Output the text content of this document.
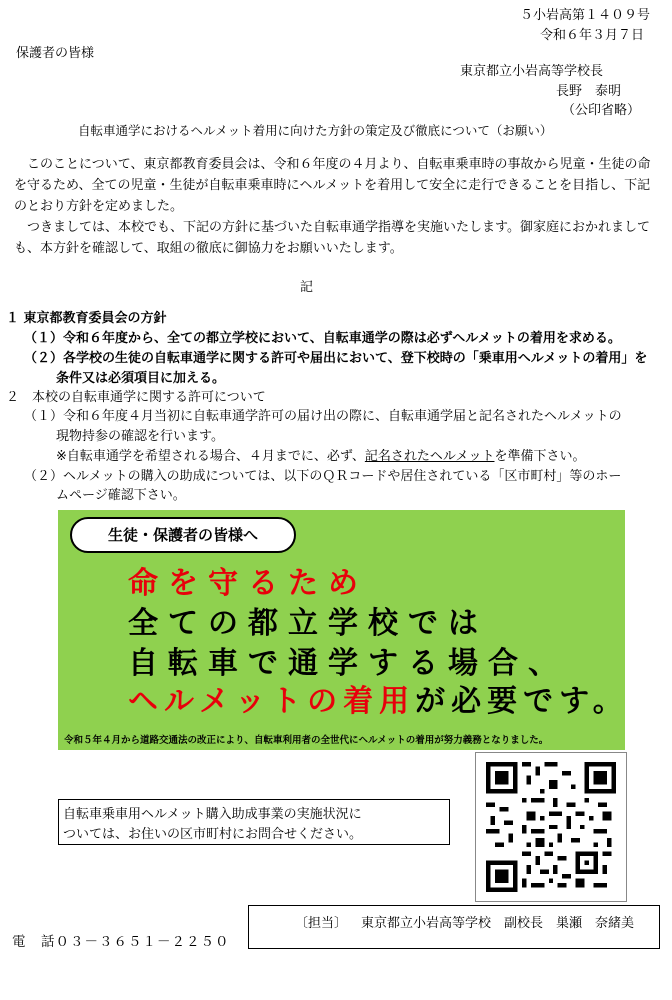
５小岩高第１４０９号
令和６年３月７日
保護者の皆様
東京都立小岩高等学校長
長野　泰明
（公印省略）
自転車通学におけるヘルメット着用に向けた方針の策定及び徹底について（お願い）
このことについて、東京都教育委員会は、令和６年度の４月より、自転車乗車時の事故から児童・生徒の命を守るため、全ての児童・生徒が自転車乗車時にヘルメットを着用して安全に走行できることを目指し、下記のとおり方針を定めました。
つきましては、本校でも、下記の方針に基づいた自転車通学指導を実施いたします。御家庭におかれましても、本方針を確認して、取組の徹底に御協力をお願いいたします。
記
１ 東京都教育委員会の方針
（１）令和６年度から、全ての都立学校において、自転車通学の際は必ずヘルメットの着用を求める。
（２）各学校の生徒の自転車通学に関する許可や届出において、登下校時の「乗車用ヘルメットの着用」を
条件又は必須項目に加える。
２　本校の自転車通学に関する許可について
（１）令和６年度４月当初に自転車通学許可の届け出の際に、自転車通学届と記名されたヘルメットの
現物持参の確認を行います。
※自転車通学を希望される場合、４月までに、必ず、記名されたヘルメットを準備下さい。
（２）ヘルメットの購入の助成については、以下のＱＲコードや居住されている「区市町村」等のホー
ムページ確認下さい。
生徒・保護者の皆様へ
命を守るため
全ての都立学校では
自転車で通学する場合、
ヘルメットの着用が必要です。
令和５年４月から道路交通法の改正により、自転車利用者の全世代にヘルメットの着用が努力義務となりました。
自転車乗車用ヘルメット購入助成事業の実施状況に
ついては、お住いの区市町村にお問合せください。
〔担当〕 東京都立小岩高等学校　副校長　巣瀬　奈緒美
電　話０３－３６５１－２２５０
